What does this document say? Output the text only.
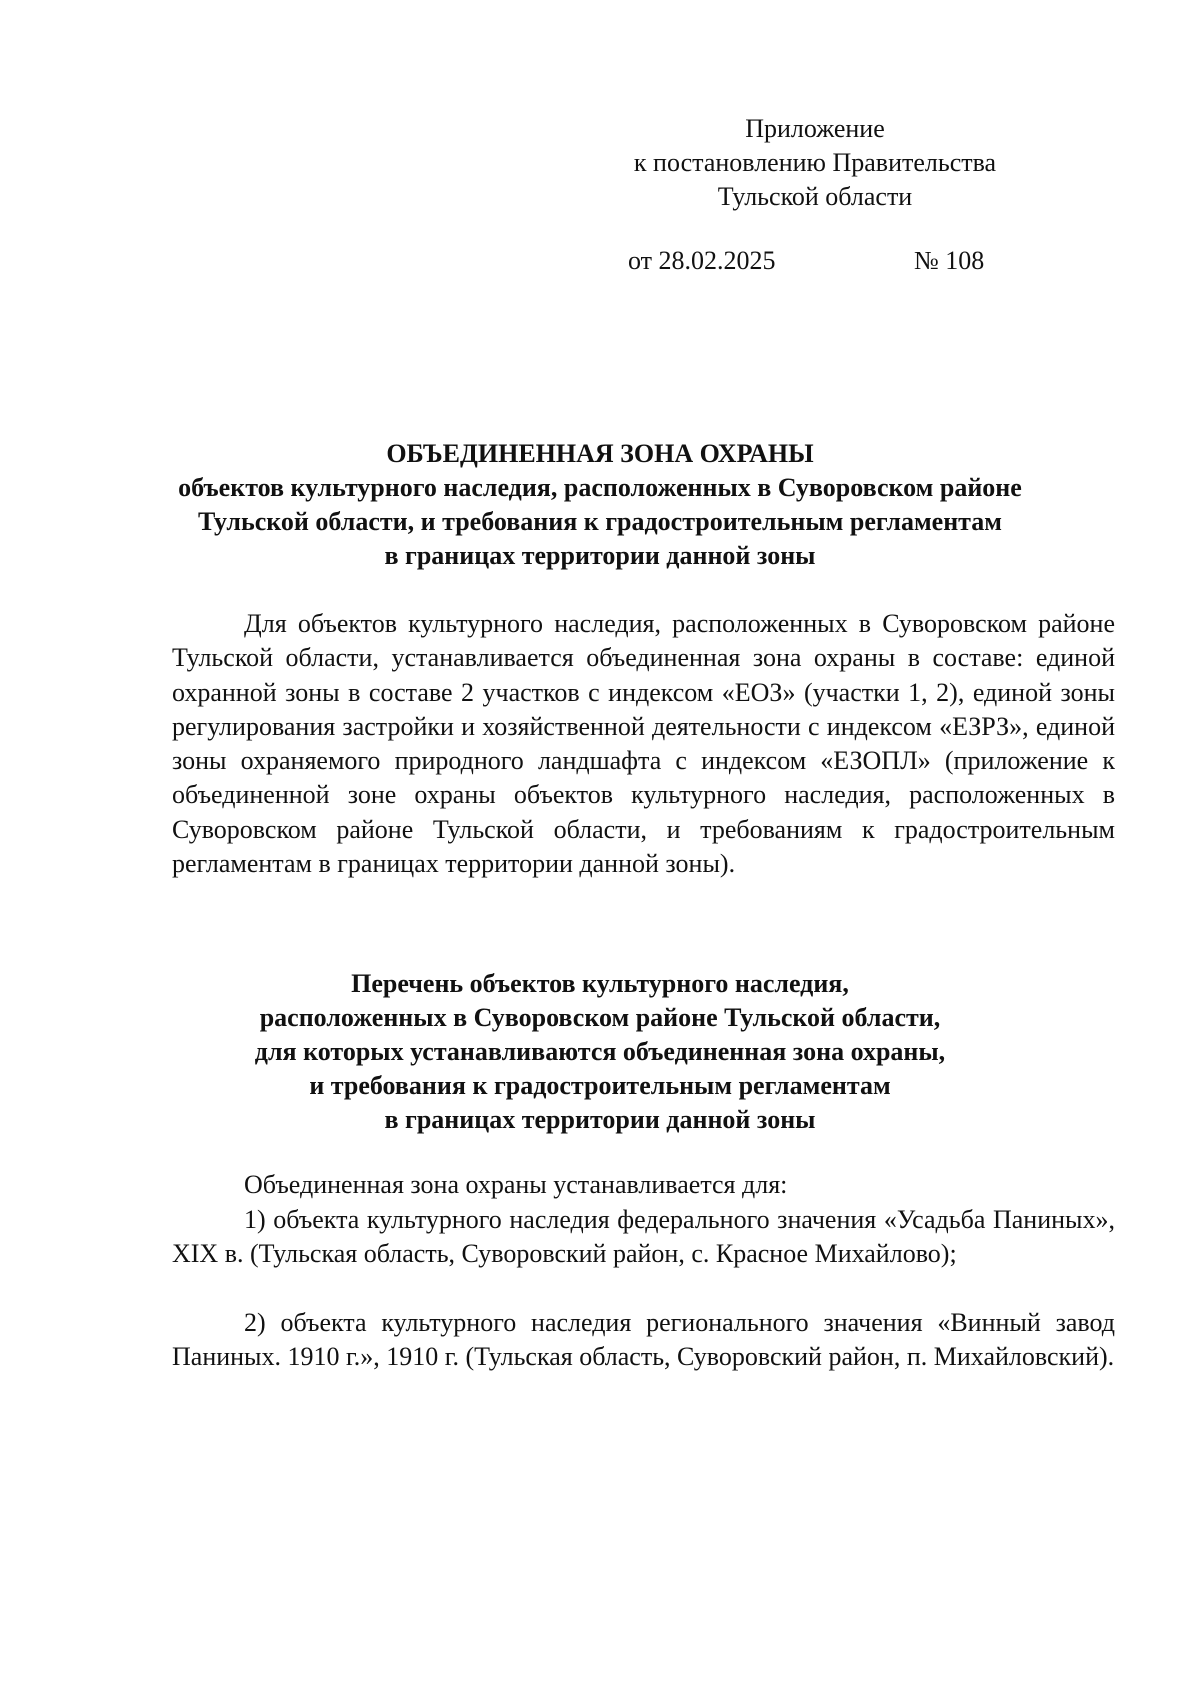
Приложение
к постановлению Правительства
Тульской области
от 28.02.2025	№ 108
ОБЪЕДИНЕННАЯ ЗОНА ОХРАНЫ
объектов культурного наследия, расположенных в Суворовском районе
Тульской области, и требования к градостроительным регламентам
в границах территории данной зоны

Для объектов культурного наследия, расположенных в Суворовском районе Тульской области, устанавливается объединенная зона охраны в составе: единой охранной зоны в составе 2 участков с индексом «ЕОЗ» (участки 1, 2), единой зоны регулирования застройки и хозяйственной деятельности с индексом «ЕЗРЗ», единой зоны охраняемого природного ландшафта с индексом «ЕЗОПЛ» (приложение к объединенной зоне охраны объектов культурного наследия, расположенных в Суворовском районе Тульской области, и требованиям к градостроительным регламентам в границах территории данной зоны).

Перечень объектов культурного наследия,
расположенных в Суворовском районе Тульской области,
для которых устанавливаются объединенная зона охраны,
и требования к градостроительным регламентам
в границах территории данной зоны
Объединенная зона охраны устанавливается для:

1) объекта культурного наследия федерального значения «Усадьба Паниных», XIX в. (Тульская область, Суворовский район, с. Красное Михайлово);

2) объекта культурного наследия регионального значения «Винный завод Паниных. 1910 г.», 1910 г. (Тульская область, Суворовский район, п. Михайловский).
